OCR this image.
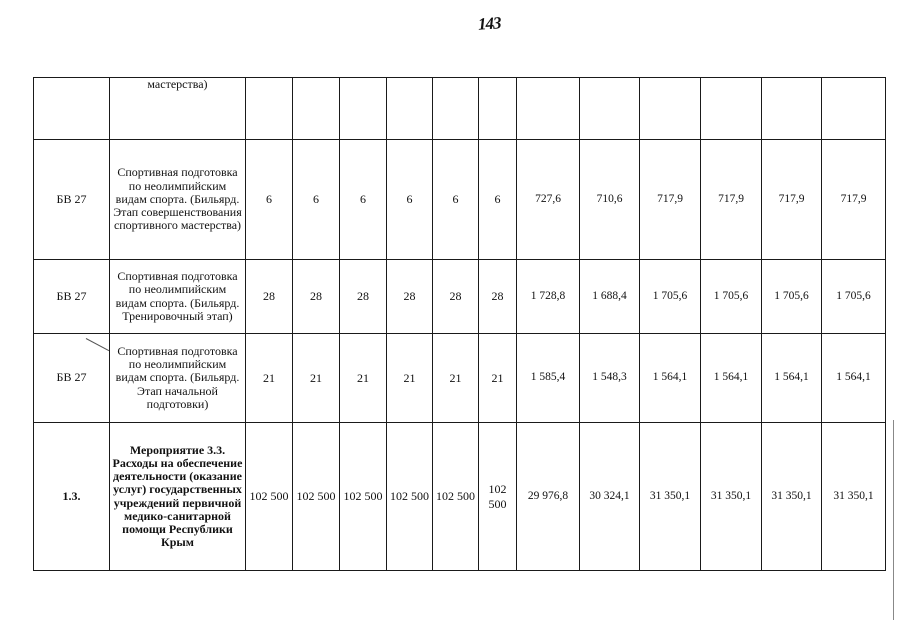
143
	мастерства)												
БВ 27	Спортивная подготовка по неолимпийским видам спорта. (Бильярд. Этап совершенствования спортивного мастерства)	6	6	6	6	6	6	727,6	710,6	717,9	717,9	717,9	717,9
БВ 27	Спортивная подготовка по неолимпийским видам спорта. (Бильярд. Тренировочный этап)	28	28	28	28	28	28	1 728,8	1 688,4	1 705,6	1 705,6	1 705,6	1 705,6
БВ 27	Спортивная подготовка по неолимпийским видам спорта. (Бильярд. Этап начальной подготовки)	21	21	21	21	21	21	1 585,4	1 548,3	1 564,1	1 564,1	1 564,1	1 564,1
1.3.	Мероприятие 3.3. Расходы на обеспечение деятельности (оказание услуг) государственных учреждений первичной медико-санитарной помощи Республики Крым	102 500	102 500	102 500	102 500	102 500	102 500	29 976,8	30 324,1	31 350,1	31 350,1	31 350,1	31 350,1
